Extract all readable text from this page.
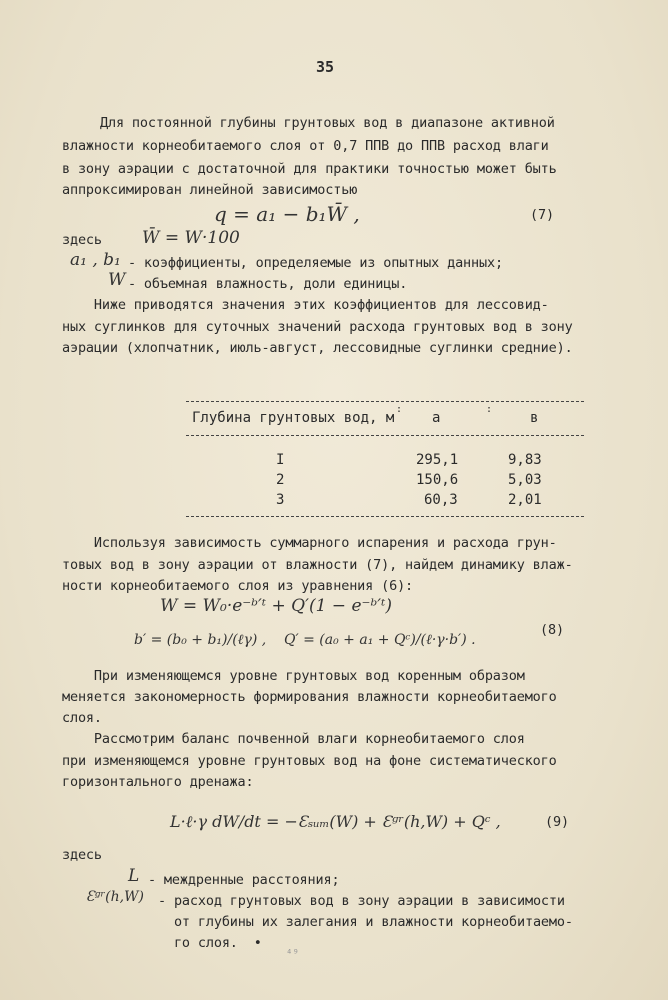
35
Для постоянной глубины грунтовых вод в диапазоне активной
влажности корнеобитаемого слоя от 0,7 ППВ до ППВ расход влаги
в зону аэрации с достаточной для практики точностью может быть
аппроксимирован линейной зависимостью
q = a₁ − b₁W̄ ,	(7)
здесь W̄ = W·100
a₁ , b₁ - коэффициенты, определяемые из опытных данных;
W
- объемная влажность, доли единицы.
Ниже приводятся значения этих коэффициентов для лессовид-
ных суглинков для суточных значений расхода грунтовых вод в зону
аэрации (хлопчатник, июль-август, лессовидные суглинки средние).
Глубина грунтовых вод, м	a	в
:	:
I	295,1	9,83
2	150,6	5,03
3	60,3	2,01
Используя зависимость суммарного испарения и расхода грун-
товых вод в зону аэрации от влажности (7), найдем динамику влаж-
ности корнеобитаемого слоя из уравнения (6):
W = W₀·e⁻ᵇ′ᵗ + Q′(1 − e⁻ᵇ′ᵗ)
b′ = (b₀ + b₁)/(ℓγ) ,    Q′ = (a₀ + a₁ + Qᶜ)/(ℓ·γ·b′) .
(8)
При изменяющемся уровне грунтовых вод коренным образом
меняется закономерность формирования влажности корнеобитаемого
слоя.
Рассмотрим баланс почвенной влаги корнеобитаемого слоя
при изменяющемся уровне грунтовых вод на фоне систематического
горизонтального дренажа:
L·ℓ·γ dW/dt = −Ɛₛᵤₘ(W) + Ɛᵍʳ(h,W) + Qᶜ ,	(9)
здесь
L - междренные расстояния;
Ɛᵍʳ(h,W) - расход грунтовых вод в зону аэрации в зависимости
от глубины их залегания и влажности корнеобитаемо-
го слоя.  •
⁴⁹
